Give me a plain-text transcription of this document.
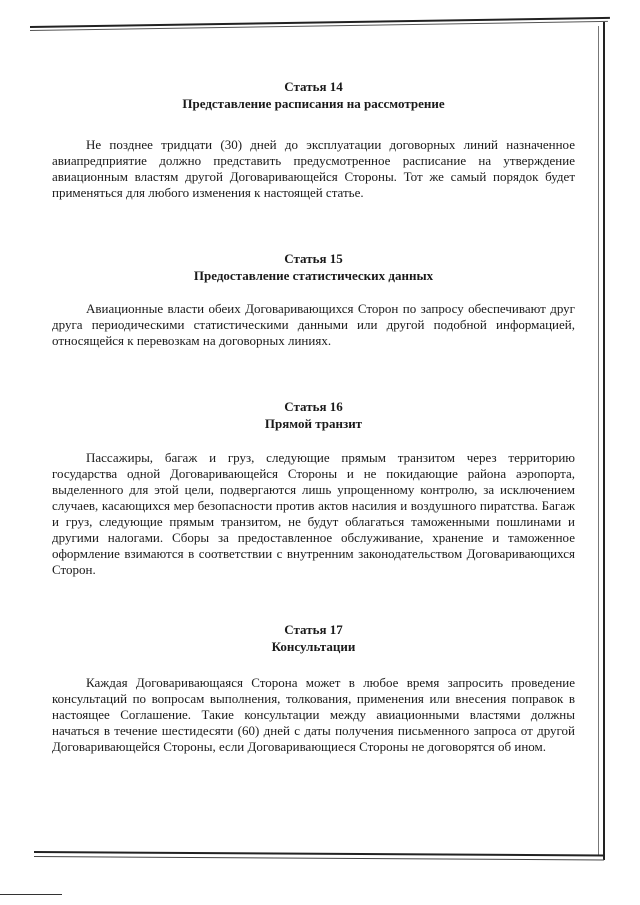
Статья 14

Представление расписания на рассмотрение

Не позднее тридцати (30) дней до эксплуатации договорных линий назначенное авиапредприятие должно представить предусмотренное расписание на утверждение авиационным властям другой Договаривающейся Стороны. Тот же самый порядок будет применяться для любого изменения к настоящей статье.

Статья 15

Предоставление статистических данных

Авиационные власти обеих Договаривающихся Сторон по запросу обеспечивают друг друга периодическими статистическими данными или другой подобной информацией, относящейся к перевозкам на договорных линиях.

Статья 16

Прямой транзит

Пассажиры, багаж и груз, следующие прямым транзитом через территорию государства одной Договаривающейся Стороны и не покидающие района аэропорта, выделенного для этой цели, подвергаются лишь упрощенному контролю, за исключением случаев, касающихся мер безопасности против актов насилия и воздушного пиратства. Багаж и груз, следующие прямым транзитом, не будут облагаться таможенными пошлинами и другими налогами. Сборы за предоставленное обслуживание, хранение и таможенное оформление взимаются в соответствии с внутренним законодательством Договаривающихся Сторон.

Статья 17

Консультации

Каждая Договаривающаяся Сторона может в любое время запросить проведение консультаций по вопросам выполнения, толкования, применения или внесения поправок в настоящее Соглашение. Такие консультации между авиационными властями должны начаться в течение шестидесяти (60) дней с даты получения письменного запроса от другой Договаривающейся Стороны, если Договаривающиеся Стороны не договорятся об ином.
